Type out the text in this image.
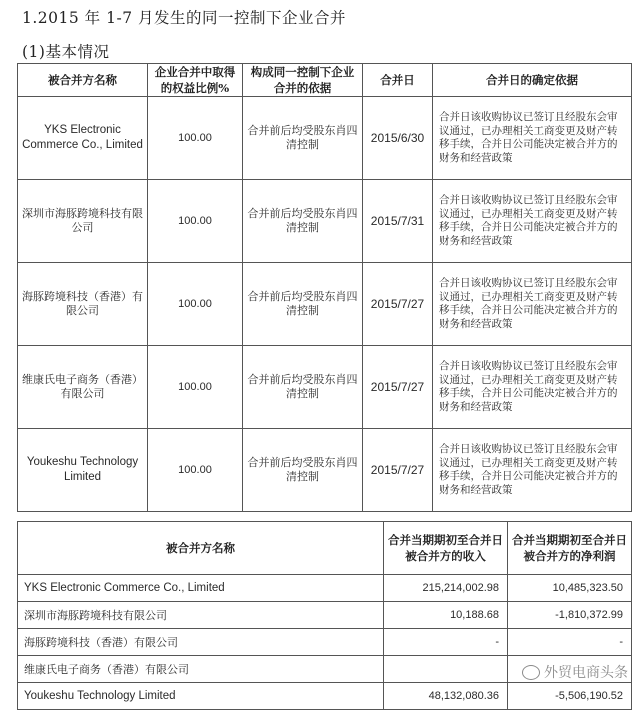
1.2015 年 1-7 月发生的同一控制下企业合并
(1)基本情况
被合并方名称	企业合并中取得的权益比例%	构成同一控制下企业合并的依据	合并日	合并日的确定依据
YKS Electronic Commerce Co., Limited	100.00	合并前后均受股东肖四清控制	2015/6/30	合并日该收购协议已签订且经股东会审议通过，已办理相关工商变更及财产转移手续，合并日公司能决定被合并方的财务和经营政策
深圳市海豚跨境科技有限公司	100.00	合并前后均受股东肖四清控制	2015/7/31	合并日该收购协议已签订且经股东会审议通过，已办理相关工商变更及财产转移手续，合并日公司能决定被合并方的财务和经营政策
海豚跨境科技（香港）有限公司	100.00	合并前后均受股东肖四清控制	2015/7/27	合并日该收购协议已签订且经股东会审议通过，已办理相关工商变更及财产转移手续，合并日公司能决定被合并方的财务和经营政策
维康氏电子商务（香港）有限公司	100.00	合并前后均受股东肖四清控制	2015/7/27	合并日该收购协议已签订且经股东会审议通过，已办理相关工商变更及财产转移手续，合并日公司能决定被合并方的财务和经营政策
Youkeshu Technology Limited	100.00	合并前后均受股东肖四清控制	2015/7/27	合并日该收购协议已签订且经股东会审议通过，已办理相关工商变更及财产转移手续，合并日公司能决定被合并方的财务和经营政策
被合并方名称	合并当期期初至合并日被合并方的收入	合并当期期初至合并日被合并方的净利润
YKS Electronic Commerce Co., Limited	215,214,002.98	10,485,323.50
深圳市海豚跨境科技有限公司	10,188.68	-1,810,372.99
海豚跨境科技（香港）有限公司	-	-
维康氏电子商务（香港）有限公司		
Youkeshu Technology Limited	48,132,080.36	-5,506,190.52
外贸电商头条
